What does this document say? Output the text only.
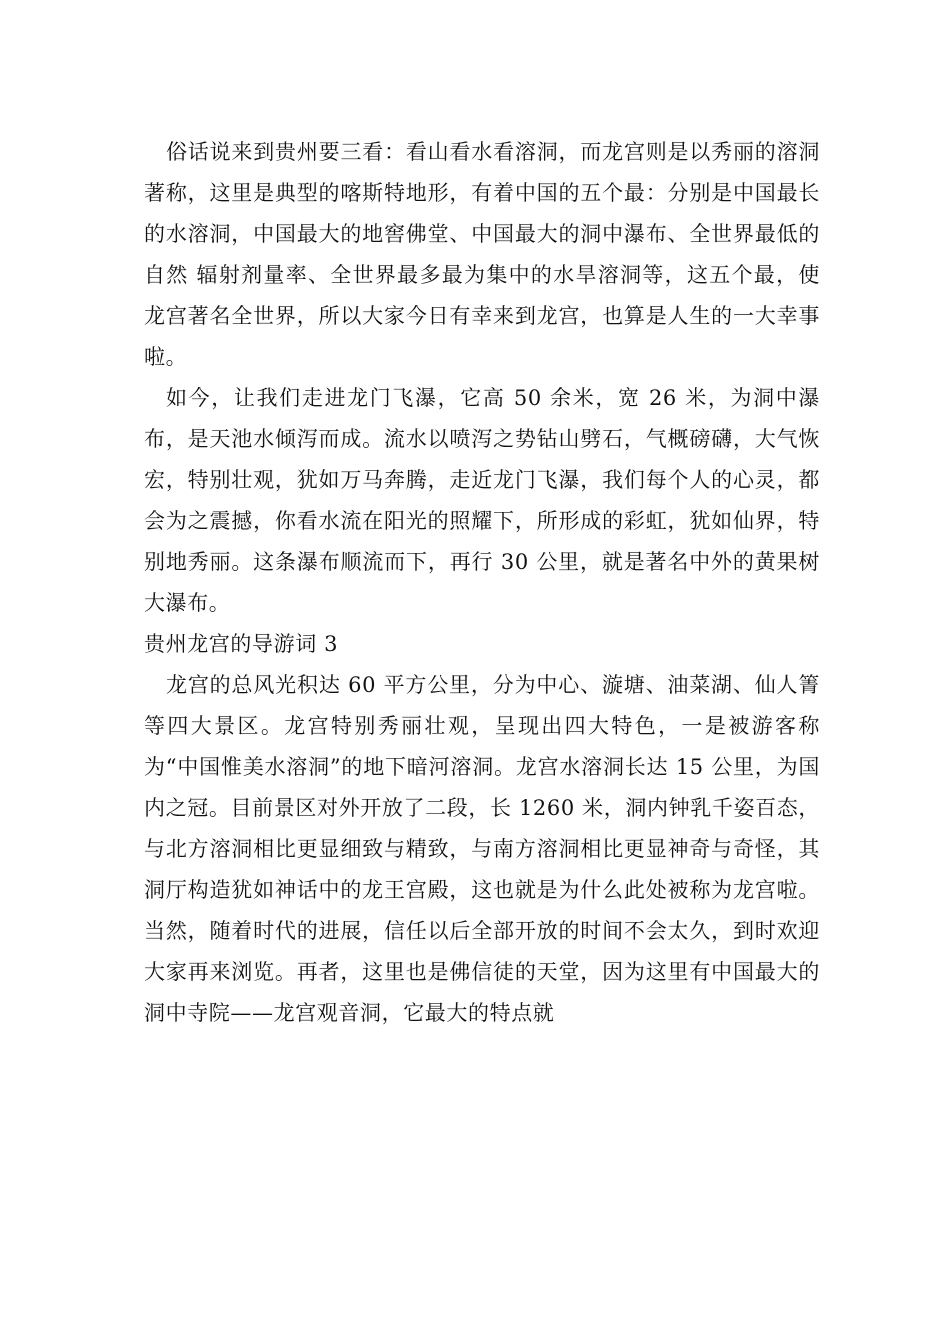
俗话说来到贵州要三看：看山看水看溶洞，而龙宫则是以秀丽的溶洞著称，这里是典型的喀斯特地形，有着中国的五个最：分别是中国最长的水溶洞，中国最大的地窖佛堂、中国最大的洞中瀑布、全世界最低的自然 辐射剂量率、全世界最多最为集中的水旱溶洞等，这五个最，使龙宫著名全世界，所以大家今日有幸来到龙宫，也算是人生的一大幸事啦。

如今，让我们走进龙门飞瀑，它高 50 余米，宽 26 米，为洞中瀑布，是天池水倾泻而成。流水以喷泻之势钻山劈石，气概磅礴，大气恢宏，特别壮观，犹如万马奔腾，走近龙门飞瀑，我们每个人的心灵，都会为之震撼，你看水流在阳光的照耀下，所形成的彩虹，犹如仙界，特别地秀丽。这条瀑布顺流而下，再行 30 公里，就是著名中外的黄果树大瀑布。

贵州龙宫的导游词 3

龙宫的总风光积达 60 平方公里，分为中心、漩塘、油菜湖、仙人箐等四大景区。龙宫特别秀丽壮观，呈现出四大特色，一是被游客称为“中国惟美水溶洞”的地下暗河溶洞。龙宫水溶洞长达 15 公里，为国内之冠。目前景区对外开放了二段，长 1260 米，洞内钟乳千姿百态，与北方溶洞相比更显细致与精致，与南方溶洞相比更显神奇与奇怪，其洞厅构造犹如神话中的龙王宫殿，这也就是为什么此处被称为龙宫啦。当然，随着时代的进展，信任以后全部开放的时间不会太久，到时欢迎大家再来浏览。再者，这里也是佛信徒的天堂，因为这里有中国最大的洞中寺院——龙宫观音洞，它最大的特点就
